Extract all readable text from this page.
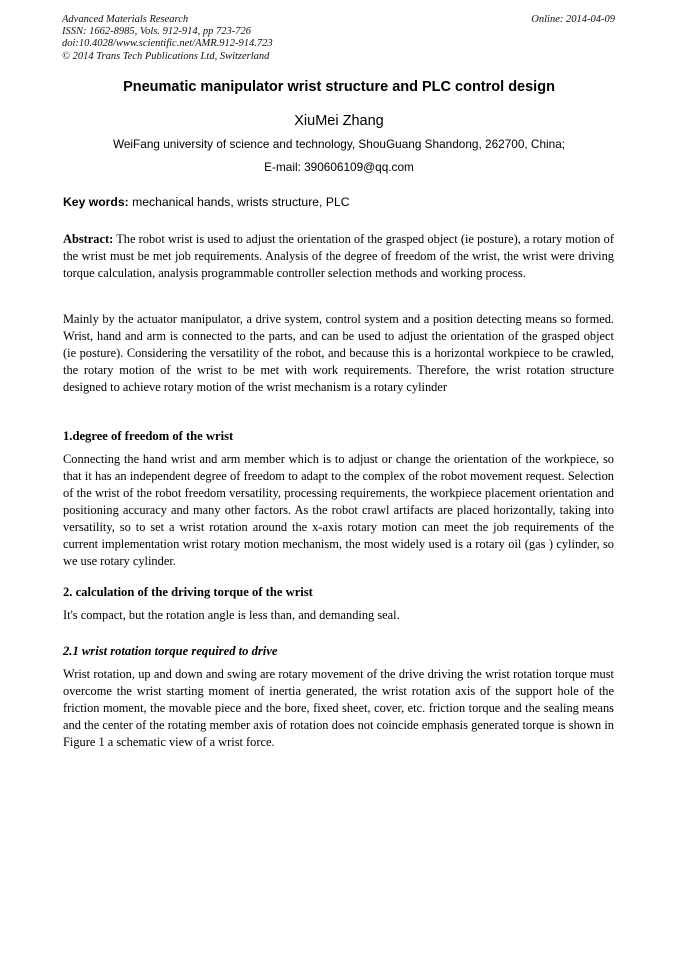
Advanced Materials Research
ISSN: 1662-8985, Vols. 912-914, pp 723-726
doi:10.4028/www.scientific.net/AMR.912-914.723
© 2014 Trans Tech Publications Ltd, Switzerland
Online: 2014-04-09
Pneumatic manipulator wrist structure and PLC control design
XiuMei Zhang
WeiFang university of science and technology, ShouGuang Shandong, 262700, China;
E-mail: 390606109@qq.com
Key words: mechanical hands, wrists structure, PLC
Abstract: The robot wrist is used to adjust the orientation of the grasped object (ie posture), a rotary motion of the wrist must be met job requirements. Analysis of the degree of freedom of the wrist, the wrist were driving torque calculation, analysis programmable controller selection methods and working process.
Mainly by the actuator manipulator, a drive system, control system and a position detecting means so formed. Wrist, hand and arm is connected to the parts, and can be used to adjust the orientation of the grasped object (ie posture). Considering the versatility of the robot, and because this is a horizontal workpiece to be crawled, the rotary motion of the wrist to be met with work requirements. Therefore, the wrist rotation structure designed to achieve rotary motion of the wrist mechanism is a rotary cylinder
1.degree of freedom of the wrist
Connecting the hand wrist and arm member which is to adjust or change the orientation of the workpiece, so that it has an independent degree of freedom to adapt to the complex of the robot movement request. Selection of the wrist of the robot freedom versatility, processing requirements, the workpiece placement orientation and positioning accuracy and many other factors. As the robot crawl artifacts are placed horizontally, taking into versatility, so to set a wrist rotation around the x-axis rotary motion can meet the job requirements of the current implementation wrist rotary motion mechanism, the most widely used is a rotary oil (gas ) cylinder, so we use rotary cylinder.
2. calculation of the driving torque of the wrist
It's compact, but the rotation angle is less than, and demanding seal.
2.1 wrist rotation torque required to drive
Wrist rotation, up and down and swing are rotary movement of the drive driving the wrist rotation torque must overcome the wrist starting moment of inertia generated, the wrist rotation axis of the support hole of the friction moment, the movable piece and the bore, fixed sheet, cover, etc. friction torque and the sealing means and the center of the rotating member axis of rotation does not coincide emphasis generated torque is shown in Figure 1 a schematic view of a wrist force.
